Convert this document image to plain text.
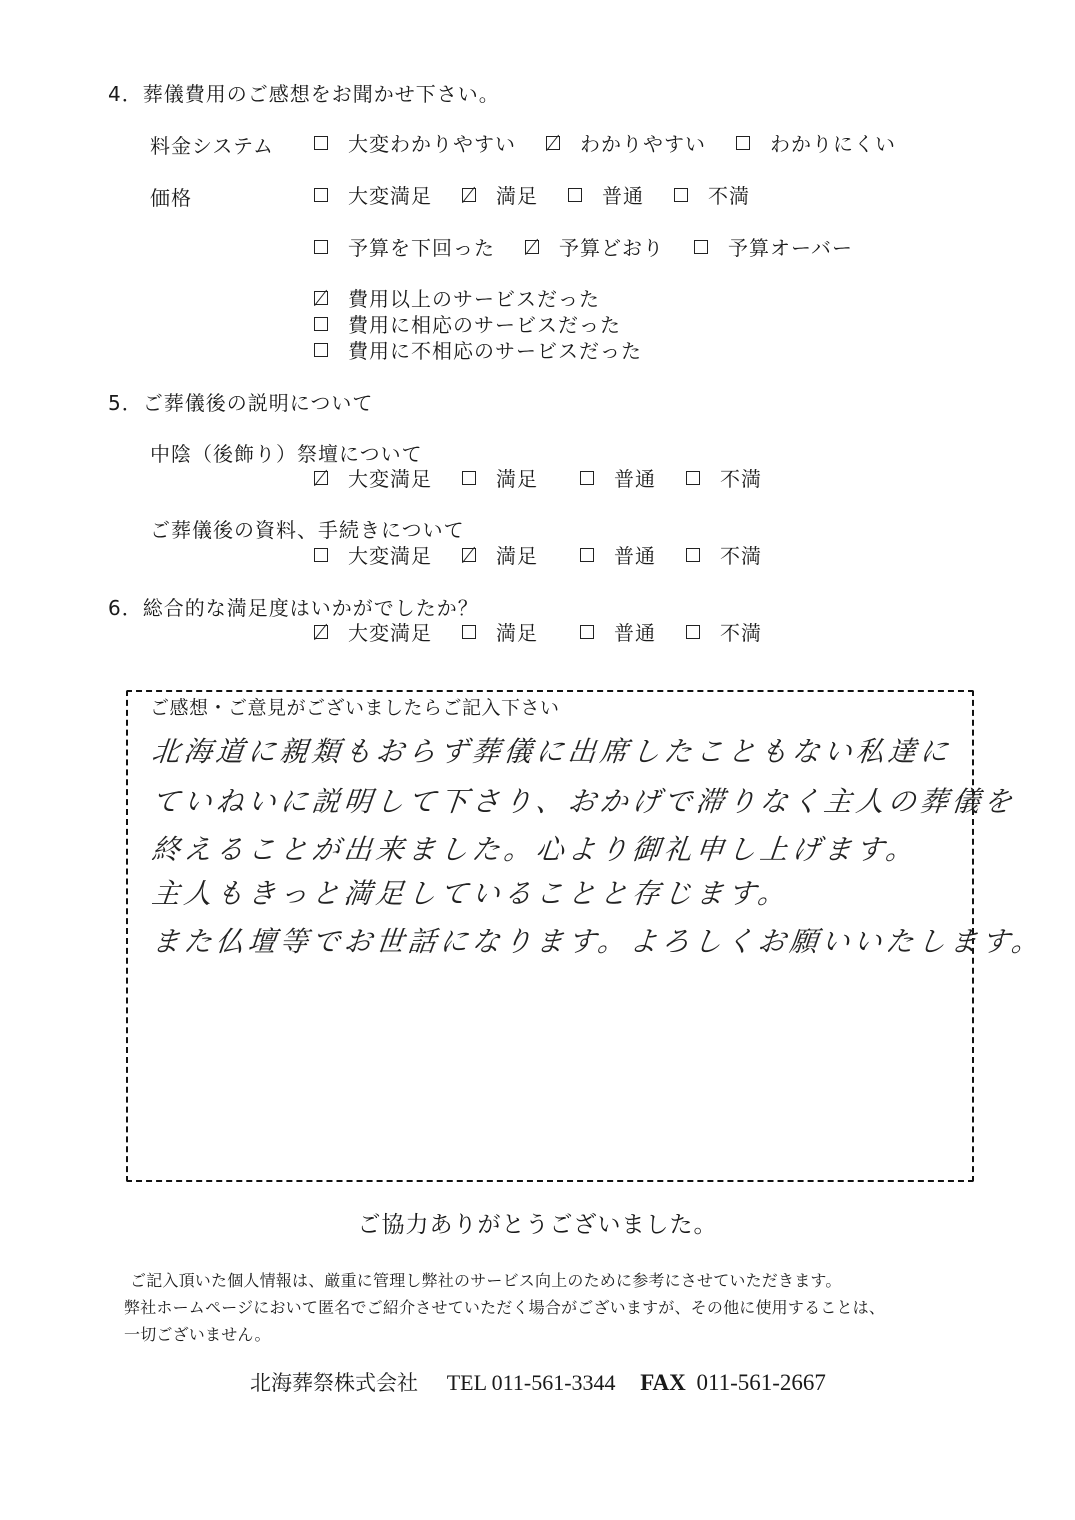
4．葬儀費用のご感想をお聞かせ下さい。
料金システム	大変わかりやすい	わかりやすい	わかりにくい
価格	大変満足	満足	普通	不満
予算を下回った	予算どおり	予算オーバー
費用以上のサービスだった
費用に相応のサービスだった
費用に不相応のサービスだった
5．ご葬儀後の説明について
中陰（後飾り）祭壇について
大変満足	満足	普通	不満
ご葬儀後の資料、手続きについて
大変満足	満足	普通	不満
6．総合的な満足度はいかがでしたか？
大変満足	満足	普通	不満
ご感想・ご意見がございましたらご記入下さい
北海道に親類もおらず葬儀に出席したこともない私達に
ていねいに説明して下さり、おかげで滞りなく主人の葬儀を
終えることが出来ました。心より御礼申し上げます。
主人もきっと満足していることと存じます。
また仏壇等でお世話になります。よろしくお願いいたします。
ご協力ありがとうございました。
ご記入頂いた個人情報は、厳重に管理し弊社のサービス向上のために参考にさせていただきます。
弊社ホームページにおいて匿名でご紹介させていただく場合がございますが、その他に使用することは、
一切ございません。
北海葬祭株式会社 TEL 011-561-3344 FAX 011-561-2667
